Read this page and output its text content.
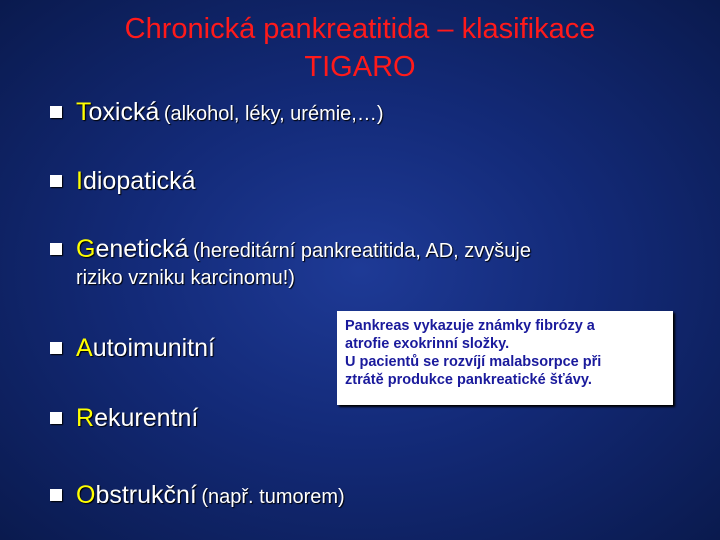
Chronická pankreatitida – klasifikace
TIGARO
Toxická (alkohol, léky, urémie,…)
Idiopatická
Genetická (hereditární pankreatitida, AD, zvyšuje
riziko vzniku karcinomu!)
Autoimunitní
Rekurentní
Obstrukční (např. tumorem)
Pankreas vykazuje známky fibrózy a
atrofie exokrinní složky.
U pacientů se rozvíjí malabsorpce při
ztrátě produkce pankreatické šťávy.
